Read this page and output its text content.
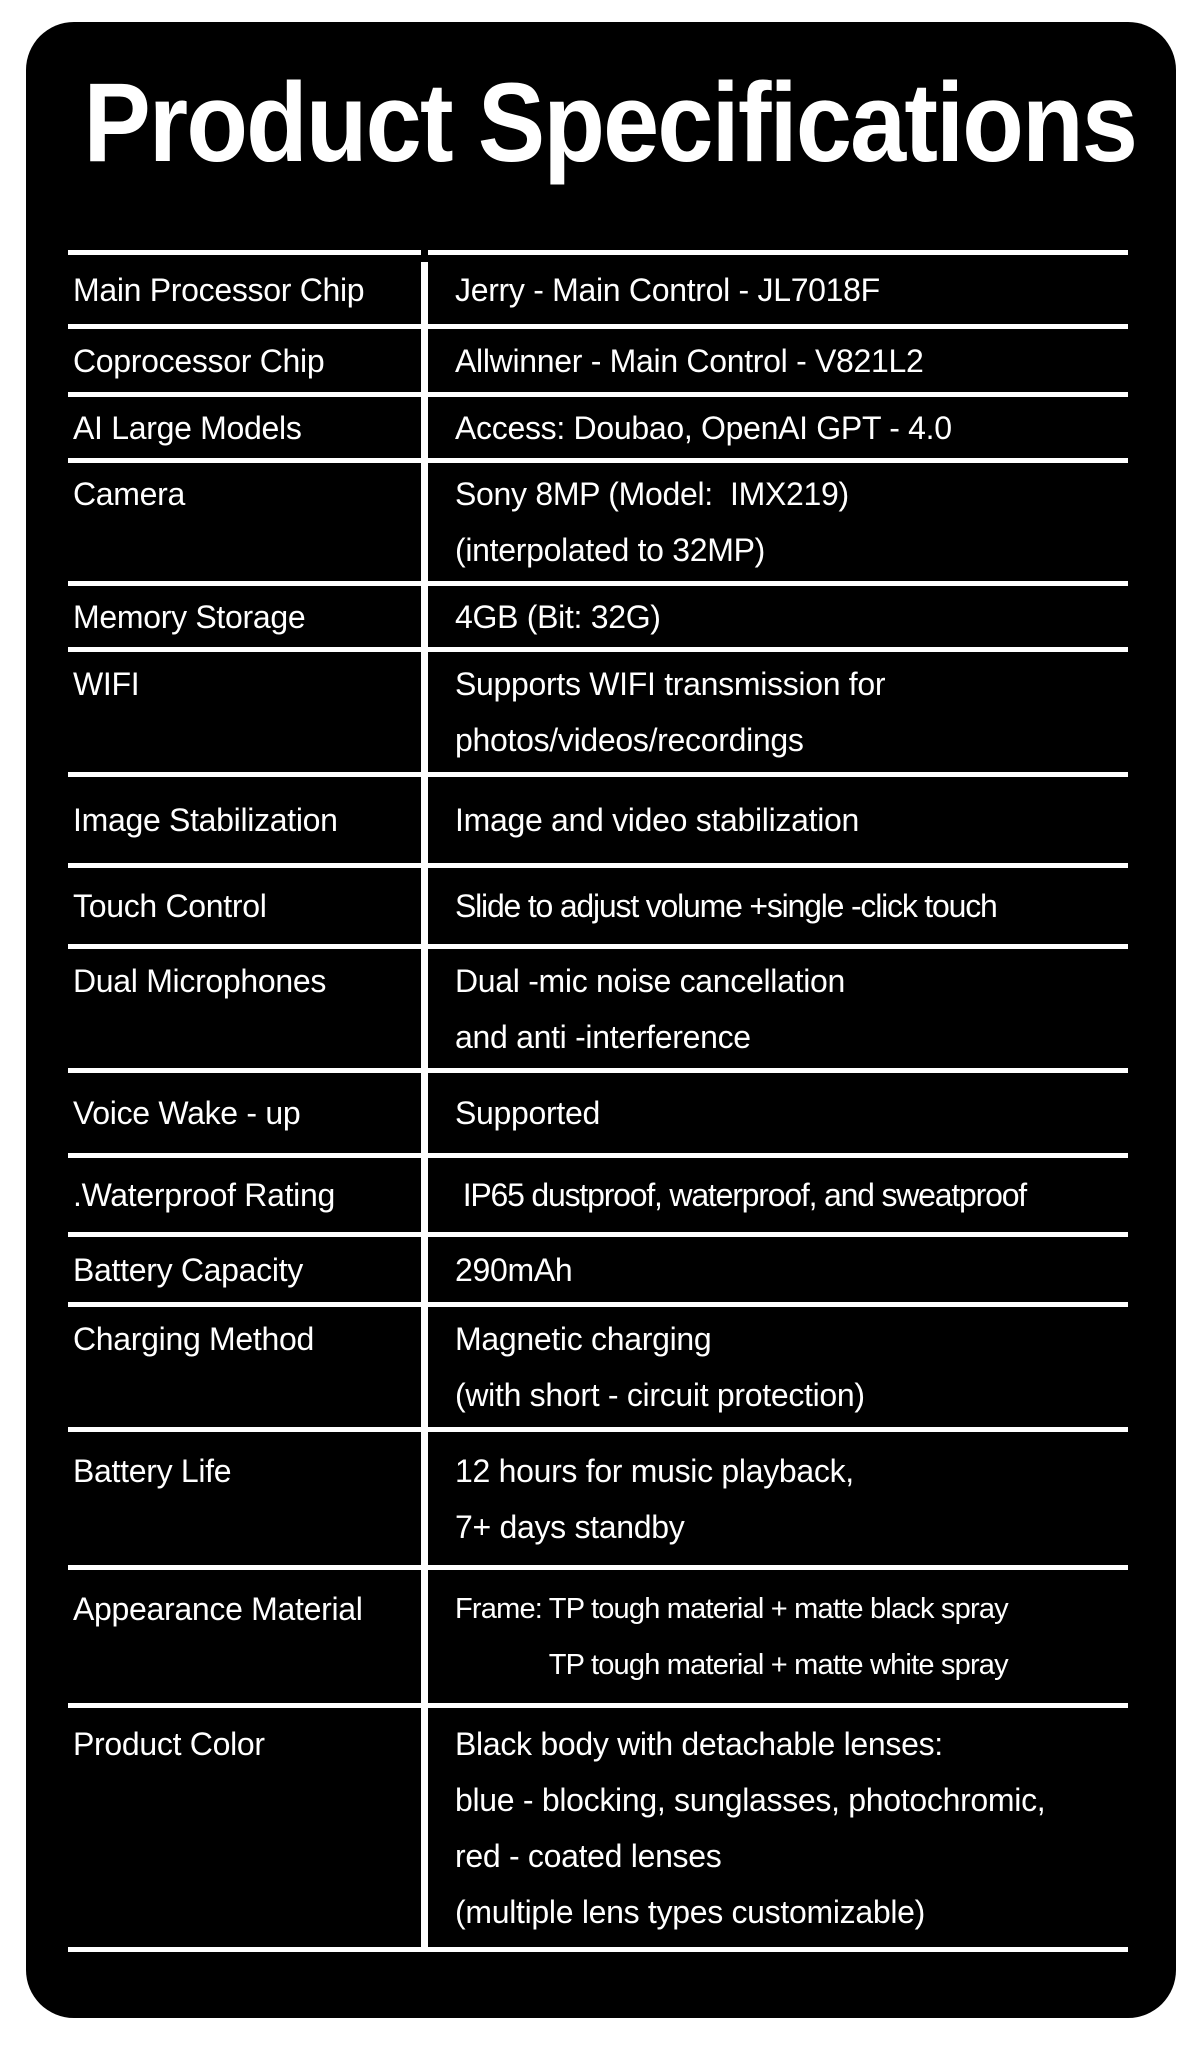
Product Specifications
Main Processor Chip	Jerry - Main Control - JL7018F
Coprocessor Chip	Allwinner - Main Control - V821L2
AI Large Models	Access: Doubao, OpenAI GPT - 4.0
Camera	Sony 8MP (Model:  IMX219)
(interpolated to 32MP)
Memory Storage	4GB (Bit: 32G)
WIFI	Supports WIFI transmission for
photos/videos/recordings
Image Stabilization	Image and video stabilization
Touch Control	Slide to adjust volume +single -click touch
Dual Microphones	Dual -mic noise cancellation
and anti -interference
Voice Wake - up	Supported
.Waterproof Rating	IP65 dustproof, waterproof, and sweatproof
Battery Capacity	290mAh
Charging Method	Magnetic charging
(with short - circuit protection)
Battery Life	12 hours for music playback,
7+ days standby
Appearance Material	Frame: TP tough material + matte black spray
TP tough material + matte white spray
Product Color	Black body with detachable lenses:
blue - blocking, sunglasses, photochromic,
red - coated lenses
(multiple lens types customizable)
